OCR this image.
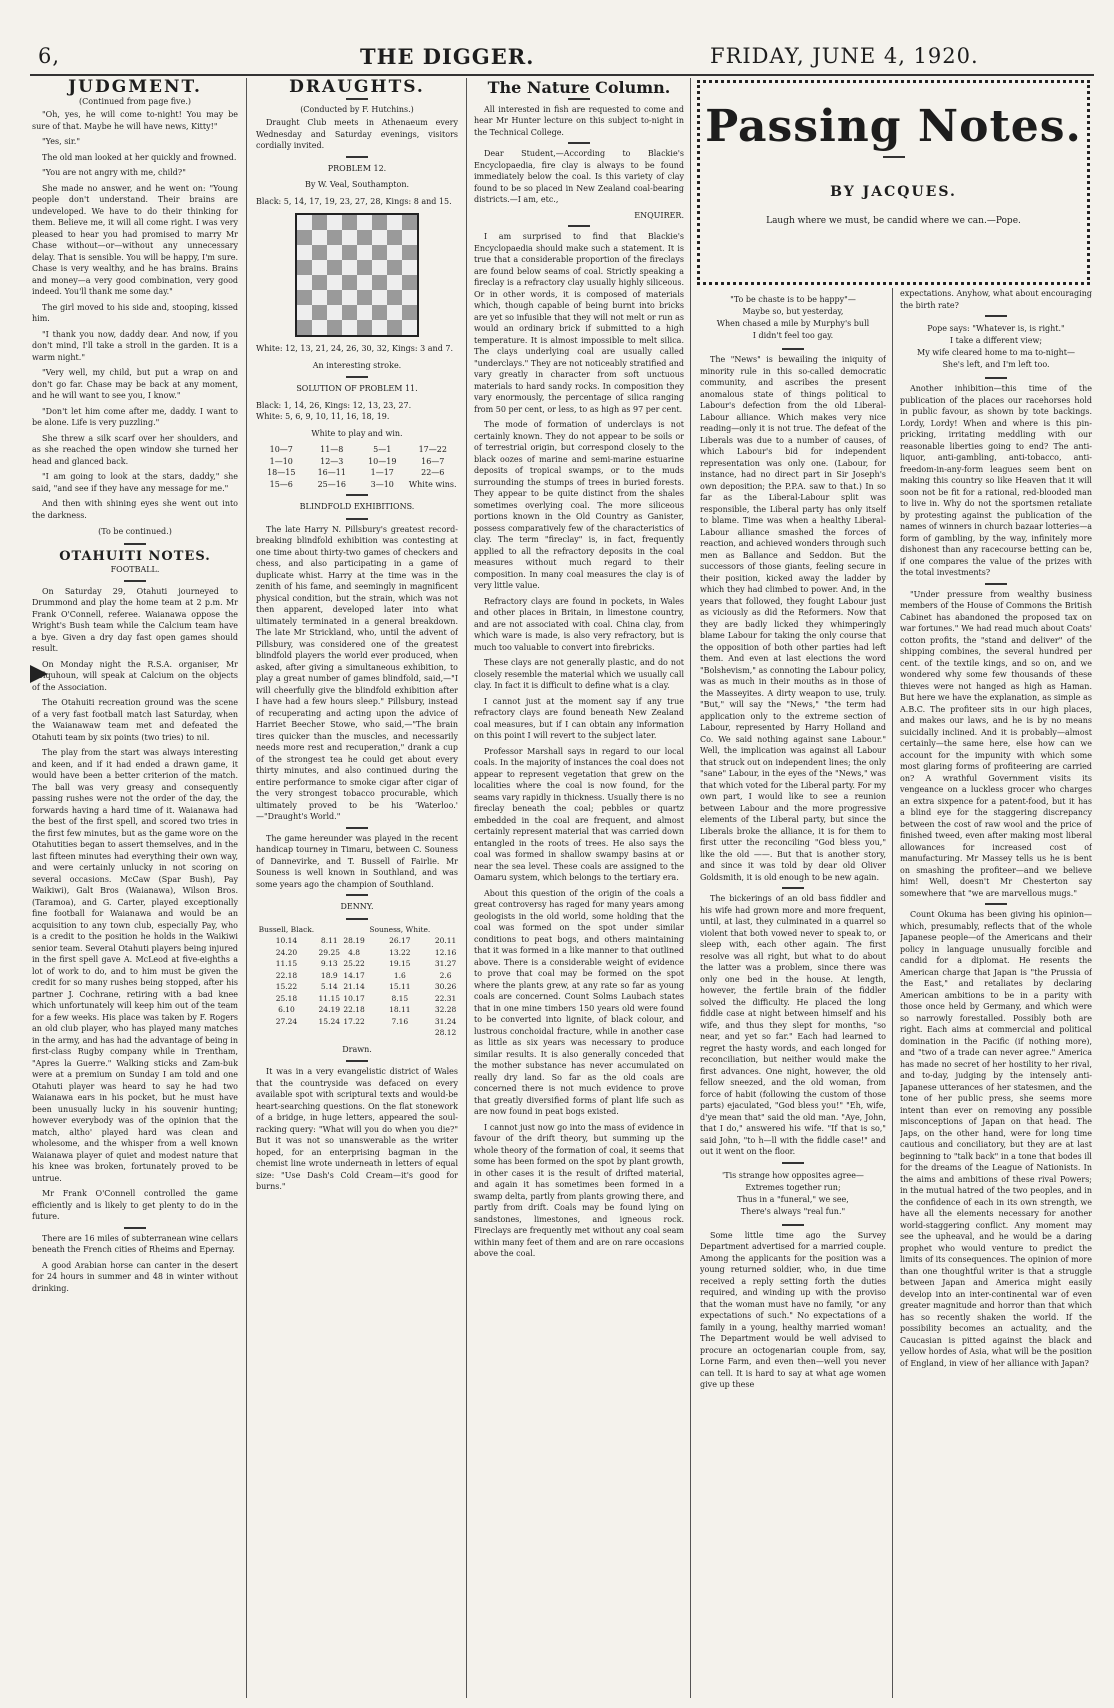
6,	THE DIGGER.	FRIDAY, JUNE 4, 1920.
JUDGMENT.
(Continued from page five.)
"Oh, yes, he will come to-night! You may be sure of that. Maybe he will have news, Kitty!"
"Yes, sir."
The old man looked at her quickly and frowned.
"You are not angry with me, child?"
She made no answer, and he went on: "Young people don't understand. Their brains are undeveloped. We have to do their thinking for them. Believe me, it will all come right. I was very pleased to hear you had promised to marry Mr Chase without—or—without any unnecessary delay. That is sensible. You will be happy, I'm sure. Chase is very wealthy, and he has brains. Brains and money—a very good combination, very good indeed. You'll thank me some day."
The girl moved to his side and, stooping, kissed him.
"I thank you now, daddy dear. And now, if you don't mind, I'll take a stroll in the garden. It is a warm night."
"Very well, my child, but put a wrap on and don't go far. Chase may be back at any moment, and he will want to see you, I know."
"Don't let him come after me, daddy. I want to be alone. Life is very puzzling."
She threw a silk scarf over her shoulders, and as she reached the open window she turned her head and glanced back.
"I am going to look at the stars, daddy," she said, "and see if they have any message for me."
And then with shining eyes she went out into the darkness.
(To be continued.)
OTAHUITI NOTES.
FOOTBALL.
On Saturday 29, Otahuti journeyed to Drummond and play the home team at 2 p.m. Mr Frank O'Connell, referee. Waianawa oppose the Wright's Bush team while the Calcium team have a bye. Given a dry day fast open games should result.
On Monday night the R.S.A. organiser, Mr Colquhoun, will speak at Calcium on the objects of the Association.
The Otahuiti recreation ground was the scene of a very fast football match last Saturday, when the Waianawaw team met and defeated the Otahuti team by six points (two tries) to nil.
The play from the start was always interesting and keen, and if it had ended a drawn game, it would have been a better criterion of the match. The ball was very greasy and consequently passing rushes were not the order of the day, the forwards having a hard time of it. Waianawa had the best of the first spell, and scored two tries in the first few minutes, but as the game wore on the Otahutities began to assert themselves, and in the last fifteen minutes had everything their own way, and were certainly unlucky in not scoring on several occasions. McCaw (Spar Bush), Pay Waikiwi), Galt Bros (Waianawa), Wilson Bros. (Taramoa), and G. Carter, played exceptionally fine football for Waianawa and would be an acquisition to any town club, especially Pay, who is a credit to the position he holds in the Waikiwi senior team. Several Otahuti players being injured in the first spell gave A. McLeod at five-eighths a lot of work to do, and to him must be given the credit for so many rushes being stopped, after his partner J. Cochrane, retiring with a bad knee which unfortunately will keep him out of the team for a few weeks. His place was taken by F. Rogers an old club player, who has played many matches in the army, and has had the advantage of being in first-class Rugby company while in Trentham, "Apres la Guerre." Walking sticks and Zam-buk were at a premium on Sunday I am told and one Otahuti player was heard to say he had two Waianawa ears in his pocket, but he must have been unusually lucky in his souvenir hunting; however everybody was of the opinion that the match, altho' played hard was clean and wholesome, and the whisper from a well known Waianawa player of quiet and modest nature that his knee was broken, fortunately proved to be untrue.
Mr Frank O'Connell controlled the game efficiently and is likely to get plenty to do in the future.
There are 16 miles of subterranean wine cellars beneath the French cities of Rheims and Epernay.
A good Arabian horse can canter in the desert for 24 hours in summer and 48 in winter without drinking.
DRAUGHTS.
(Conducted by F. Hutchins.)
Draught Club meets in Athenaeum every Wednesday and Saturday evenings, visitors cordially invited.
PROBLEM 12.
By W. Veal, Southampton.
Black: 5, 14, 17, 19, 23, 27, 28, Kings: 8 and 15.
White: 12, 13, 21, 24, 26, 30, 32, Kings: 3 and 7.
An interesting stroke.
SOLUTION OF PROBLEM 11.
Black: 1, 14, 26, Kings: 12, 13, 23, 27.
White: 5, 6, 9, 10, 11, 16, 18, 19.
White to play and win.
10—7	11—8	5—1	17—22
1—10	12—3	10—19	16—7
18—15	16—11	1—17	22—6
15—6	25—16	3—10	White wins.
BLINDFOLD EXHIBITIONS.
The late Harry N. Pillsbury's greatest record-breaking blindfold exhibition was contesting at one time about thirty-two games of checkers and chess, and also participating in a game of duplicate whist. Harry at the time was in the zenith of his fame, and seemingly in magnificent physical condition, but the strain, which was not then apparent, developed later into what ultimately terminated in a general breakdown. The late Mr Strickland, who, until the advent of Pillsbury, was considered one of the greatest blindfold players the world ever produced, when asked, after giving a simultaneous exhibition, to play a great number of games blindfold, said,—"I will cheerfully give the blindfold exhibition after I have had a few hours sleep." Pillsbury, instead of recuperating and acting upon the advice of Harriet Beecher Stowe, who said,—"The brain tires quicker than the muscles, and necessarily needs more rest and recuperation," drank a cup of the strongest tea he could get about every thirty minutes, and also continued during the entire performance to smoke cigar after cigar of the very strongest tobacco procurable, which ultimately proved to be his 'Waterloo.' —"Draught's World."
The game hereunder was played in the recent handicap tourney in Timaru, between C. Souness of Dannevirke, and T. Bussell of Fairlie. Mr Souness is well known in Southland, and was some years ago the champion of Southland.
DENNY.
Bussell, Black.			Souness, White.	
10.14	8.11	28.19	26.17	20.11
24.20	29.25	4.8	13.22	12.16
11.15	9.13	25.22	19.15	31.27
22.18	18.9	14.17	1.6	2.6
15.22	5.14	21.14	15.11	30.26
25.18	11.15	10.17	8.15	22.31
6.10	24.19	22.18	18.11	32.28
27.24	15.24	17.22	7.16	31.24
				28.12
Drawn.
It was in a very evangelistic district of Wales that the countryside was defaced on every available spot with scriptural texts and would-be heart-searching questions. On the flat stonework of a bridge, in huge letters, appeared the soul-racking query: "What will you do when you die?" But it was not so unanswerable as the writer hoped, for an enterprising bagman in the chemist line wrote underneath in letters of equal size: "Use Dash's Cold Cream—it's good for burns."
The Nature Column.
All interested in fish are requested to come and hear Mr Hunter lecture on this subject to-night in the Technical College.
Dear Student,—According to Blackie's Encyclopaedia, fire clay is always to be found immediately below the coal. Is this variety of clay found to be so placed in New Zealand coal-bearing districts.—I am, etc.,
ENQUIRER.
I am surprised to find that Blackie's Encyclopaedia should make such a statement. It is true that a considerable proportion of the fireclays are found below seams of coal. Strictly speaking a fireclay is a refractory clay usually highly siliceous. Or in other words, it is composed of materials which, though capable of being burnt into bricks are yet so infusible that they will not melt or run as would an ordinary brick if submitted to a high temperature. It is almost impossible to melt silica. The clays underlying coal are usually called "underclays." They are not noticeably stratified and vary greatly in character from soft unctuous materials to hard sandy rocks. In composition they vary enormously, the percentage of silica ranging from 50 per cent, or less, to as high as 97 per cent.
The mode of formation of underclays is not certainly known. They do not appear to be soils or of terrestrial origin, but correspond closely to the black oozes of marine and semi-marine estuarine deposits of tropical swamps, or to the muds surrounding the stumps of trees in buried forests. They appear to be quite distinct from the shales sometimes overlying coal. The more siliceous portions known in the Old Country as Ganister, possess comparatively few of the characteristics of clay. The term "fireclay" is, in fact, frequently applied to all the refractory deposits in the coal measures without much regard to their composition. In many coal measures the clay is of very little value.
Refractory clays are found in pockets, in Wales and other places in Britain, in limestone country, and are not associated with coal. China clay, from which ware is made, is also very refractory, but is much too valuable to convert into firebricks.
These clays are not generally plastic, and do not closely resemble the material which we usually call clay. In fact it is difficult to define what is a clay.
I cannot just at the moment say if any true refractory clays are found beneath New Zealand coal measures, but if I can obtain any information on this point I will revert to the subject later.
Professor Marshall says in regard to our local coals. In the majority of instances the coal does not appear to represent vegetation that grew on the localities where the coal is now found, for the seams vary rapidly in thickness. Usually there is no fireclay beneath the coal; pebbles or quartz embedded in the coal are frequent, and almost certainly represent material that was carried down entangled in the roots of trees. He also says the coal was formed in shallow swampy basins at or near the sea level. These coals are assigned to the Oamaru system, which belongs to the tertiary era.
About this question of the origin of the coals a great controversy has raged for many years among geologists in the old world, some holding that the coal was formed on the spot under similar conditions to peat bogs, and others maintaining that it was formed in a like manner to that outlined above. There is a considerable weight of evidence to prove that coal may be formed on the spot where the plants grew, at any rate so far as young coals are concerned. Count Solms Laubach states that in one mine timbers 150 years old were found to be converted into lignite, of black colour, and lustrous conchoidal fracture, while in another case as little as six years was necessary to produce similar results. It is also generally conceded that the mother substance has never accumulated on really dry land. So far as the old coals are concerned there is not much evidence to prove that greatly diversified forms of plant life such as are now found in peat bogs existed.
I cannot just now go into the mass of evidence in favour of the drift theory, but summing up the whole theory of the formation of coal, it seems that some has been formed on the spot by plant growth, in other cases it is the result of drifted material, and again it has sometimes been formed in a swamp delta, partly from plants growing there, and partly from drift. Coals may be found lying on sandstones, limestones, and igneous rock. Fireclays are frequently met without any coal seam within many feet of them and are on rare occasions above the coal.
Passing Notes.
BY JACQUES.
Laugh where we must, be candid where we can.—Pope.
"To be chaste is to be happy"—
Maybe so, but yesterday,
When chased a mile by Murphy's bull
I didn't feel too gay.
The "News" is bewailing the iniquity of minority rule in this so-called democratic community, and ascribes the present anomalous state of things political to Labour's defection from the old Liberal-Labour alliance. Which makes very nice reading—only it is not true. The defeat of the Liberals was due to a number of causes, of which Labour's bid for independent representation was only one. (Labour, for instance, had no direct part in Sir Joseph's own deposition; the P.P.A. saw to that.) In so far as the Liberal-Labour split was responsible, the Liberal party has only itself to blame. Time was when a healthy Liberal-Labour alliance smashed the forces of reaction, and achieved wonders through such men as Ballance and Seddon. But the successors of those giants, feeling secure in their position, kicked away the ladder by which they had climbed to power. And, in the years that followed, they fought Labour just as viciously as did the Reformers. Now that they are badly licked they whimperingly blame Labour for taking the only course that the opposition of both other parties had left them. And even at last elections the word "Bolshevism," as connoting the Labour policy, was as much in their mouths as in those of the Masseyites. A dirty weapon to use, truly. "But," will say the "News," "the term had application only to the extreme section of Labour, represented by Harry Holland and Co. We said nothing against sane Labour." Well, the implication was against all Labour that struck out on independent lines; the only "sane" Labour, in the eyes of the "News," was that which voted for the Liberal party. For my own part, I would like to see a reunion between Labour and the more progressive elements of the Liberal party, but since the Liberals broke the alliance, it is for them to first utter the reconciling "God bless you," like the old ——. But that is another story, and since it was told by dear old Oliver Goldsmith, it is old enough to be new again.
The bickerings of an old bass fiddler and his wife had grown more and more frequent, until, at last, they culminated in a quarrel so violent that both vowed never to speak to, or sleep with, each other again. The first resolve was all right, but what to do about the latter was a problem, since there was only one bed in the house. At length, however, the fertile brain of the fiddler solved the difficulty. He placed the long fiddle case at night between himself and his wife, and thus they slept for months, "so near, and yet so far." Each had learned to regret the hasty words, and each longed for reconciliation, but neither would make the first advances. One night, however, the old fellow sneezed, and the old woman, from force of habit (following the custom of those parts) ejaculated, "God bless you!" "Eh, wife, d'ye mean that" said the old man. "Aye, John, that I do," answered his wife. "If that is so," said John, "to h—ll with the fiddle case!" and out it went on the floor.
'Tis strange how opposites agree—
Extremes together run;
Thus in a "funeral," we see,
There's always "real fun."
Some little time ago the Survey Department advertised for a married couple. Among the applicants for the position was a young returned soldier, who, in due time received a reply setting forth the duties required, and winding up with the proviso that the woman must have no family, "or any expectations of such." No expectations of a family in a young, healthy married woman! The Department would be well advised to procure an octogenarian couple from, say, Lorne Farm, and even then—well you never can tell. It is hard to say at what age women give up these
expectations. Anyhow, what about encouraging the birth rate?
Pope says: "Whatever is, is right."
I take a different view;
My wife cleared home to ma to-night—
She's left, and I'm left too.
Another inhibition—this time of the publication of the places our racehorses hold in public favour, as shown by tote backings. Lordy, Lordy! When and where is this pin-pricking, irritating meddling with our reasonable liberties going to end? The anti-liquor, anti-gambling, anti-tobacco, anti-freedom-in-any-form leagues seem bent on making this country so like Heaven that it will soon not be fit for a rational, red-blooded man to live in. Why do not the sportsmen retaliate by protesting against the publication of the names of winners in church bazaar lotteries—a form of gambling, by the way, infinitely more dishonest than any racecourse betting can be, if one compares the value of the prizes with the total investments?
"Under pressure from wealthy business members of the House of Commons the British Cabinet has abandoned the proposed tax on war fortunes." We had read much about Coats' cotton profits, the "stand and deliver" of the shipping combines, the several hundred per cent. of the textile kings, and so on, and we wondered why some few thousands of these thieves were not hanged as high as Haman. But here we have the explanation, as simple as A.B.C. The profiteer sits in our high places, and makes our laws, and he is by no means suicidally inclined. And it is probably—almost certainly—the same here, else how can we account for the impunity with which some most glaring forms of profiteering are carried on? A wrathful Government visits its vengeance on a luckless grocer who charges an extra sixpence for a patent-food, but it has a blind eye for the staggering discrepancy between the cost of raw wool and the price of finished tweed, even after making most liberal allowances for increased cost of manufacturing. Mr Massey tells us he is bent on smashing the profiteer—and we believe him! Well, doesn't Mr Chesterton say somewhere that "we are marvellous mugs."
Count Okuma has been giving his opinion—which, presumably, reflects that of the whole Japanese people—of the Americans and their policy in language unusually forcible and candid for a diplomat. He resents the American charge that Japan is "the Prussia of the East," and retaliates by declaring American ambitions to be in a parity with those once held by Germany, and which were so narrowly forestalled. Possibly both are right. Each aims at commercial and political domination in the Pacific (if nothing more), and "two of a trade can never agree." America has made no secret of her hostility to her rival, and to-day, judging by the intensely anti-Japanese utterances of her statesmen, and the tone of her public press, she seems more intent than ever on removing any possible misconceptions of Japan on that head. The Japs, on the other hand, were for long time cautious and conciliatory, but they are at last beginning to "talk back" in a tone that bodes ill for the dreams of the League of Nationists. In the aims and ambitions of these rival Powers; in the mutual hatred of the two peoples, and in the confidence of each in its own strength, we have all the elements necessary for another world-staggering conflict. Any moment may see the upheaval, and he would be a daring prophet who would venture to predict the limits of its consequences. The opinion of more than one thoughtful writer is that a struggle between Japan and America might easily develop into an inter-continental war of even greater magnitude and horror than that which has so recently shaken the world. If the possibility becomes an actuality, and the Caucasian is pitted against the black and yellow hordes of Asia, what will be the position of England, in view of her alliance with Japan?
